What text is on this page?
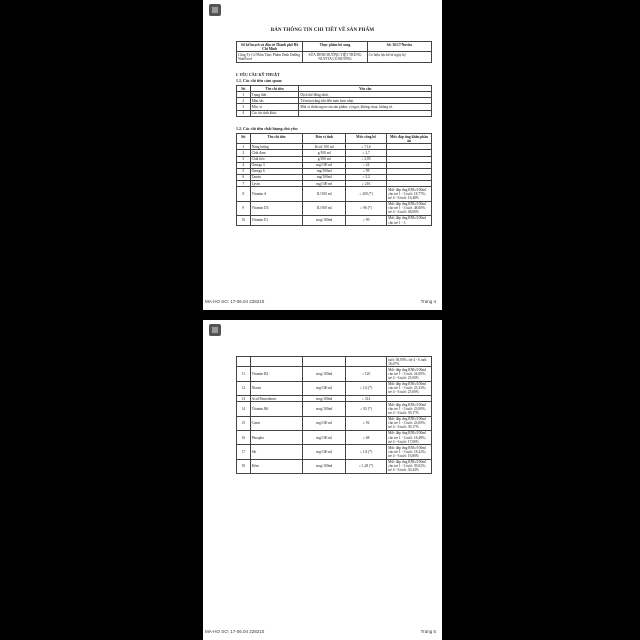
BẢN THÔNG TIN CHI TIẾT VỀ SẢN PHẨM
Sở kế hoạch và đầu tư Thành phố Hồ Chí Minh	Thực phẩm bổ sung	Số: 36/17/Nuvita
Công Ty Cổ Phần Thực Phẩm Dinh Dưỡng NutiFood	SỮA DINH DƯỠNG TIỆT TRÙNG NUVITA CÓ ĐƯỜNG	Có hiệu lực kể từ ngày ký
I. YÊU CẦU KỸ THUẬT
1.1. Các chỉ tiêu cảm quan:
Stt	Tên chỉ tiêu	Yêu cầu
1	Trạng thái	Dịch thể đồng nhất.
2	Màu sắc	Từ màu trắng sữa đến màu kem nhạt.
3	Mùi, vị	Mùi vị thơm ngon của sản phẩm, vị ngọt, không chua, không rã.
4	Các tác tính khác	
1.2. Các chỉ tiêu chất lượng chủ yếu:
Stt	Tên chỉ tiêu	Đơn vị tính	Mức công bố	Mức đáp ứng khẩu phần ăn
1	Năng lượng	Kcal/ 100 ml	≥ 71,6	
2	Chất đạm	g/100 ml	≥ 2,7	
3	Chất béo	g/100 ml	≥ 2,85	
4	Omega 3	mg/100 ml	≥ 24	
5	Omega 6	mg/100ml	≥ 98	
6	Taurin	mg/100ml	≥ 5,2	
7	Lysin	mg/100 ml	≥ 216	
8	Vitamin A	IU/100 ml	≥ 200 (*)	Mức đáp ứng RNIs/100ml cho trẻ 1 - 3 tuổi: 18,77%; trẻ 4 - 6 tuổi: 16,48%
9	Vitamin D3	IU/100 ml	≥ 96 (*)	Mức đáp ứng RNIs/100ml cho trẻ 1 - 3 tuổi: 48,00%; trẻ 4 - 6 tuổi: 48,00%
10	Vitamin E1	mcg/100ml	≥ 99	Mức đáp ứng RNIs/100ml cho trẻ 1 - 3
MA-HO SO: 17-06.04 228210	Trang 4
				tuổi: 38,05%; trẻ 4 - 6 tuổi: 16,67%
11	Vitamin B2	mcg/100ml	≥ 120	Mức đáp ứng RNIs/100ml cho trẻ 1 - 3 tuổi: 24,00%; trẻ 4 - 6 tuổi: 25,00%
12	Niacin	mg/100 ml	≥ 1,6 (*)	Mức đáp ứng RNIs/100ml cho trẻ 1 - 3 tuổi: 23,33%; trẻ 4 - 6 tuổi: 25,00%
13	Acid Pantothenic	mcg/100ml	≥ 314	
14	Vitamin B6	mcg/100ml	≥ 92 (*)	Mức đáp ứng RNIs/100ml cho trẻ 1 - 3 tuổi: 23,00%; trẻ 4 - 6 tuổi: 39,17%
15	Canxi	mg/100 ml	≥ 92	Mức đáp ứng RNIs/100ml cho trẻ 1 - 3 tuổi: 23,00%; trẻ 4 - 6 tuổi: 39,17%
16	Phospho	mg/100 ml	≥ 68	Mức đáp ứng RNIs/100ml cho trẻ 1 - 3 tuổi: 18,48%; trẻ 4 - 6 tuổi: 17,00%
17	Sắt	mg/100 ml	≥ 1,8 (*)	Mức đáp ứng RNIs/100ml cho trẻ 1 - 3 tuổi: 18,22%; trẻ 4 - 6 tuổi: 16,80%
18	Kẽm	mcg/100ml	≥ 1,28 (*)	Mức đáp ứng RNIs/100ml cho trẻ 1 - 3 tuổi: 39,02%; trẻ 4 - 6 tuổi: 30,44%
MA-HO SO: 17-06.04 228210	Trang 5
